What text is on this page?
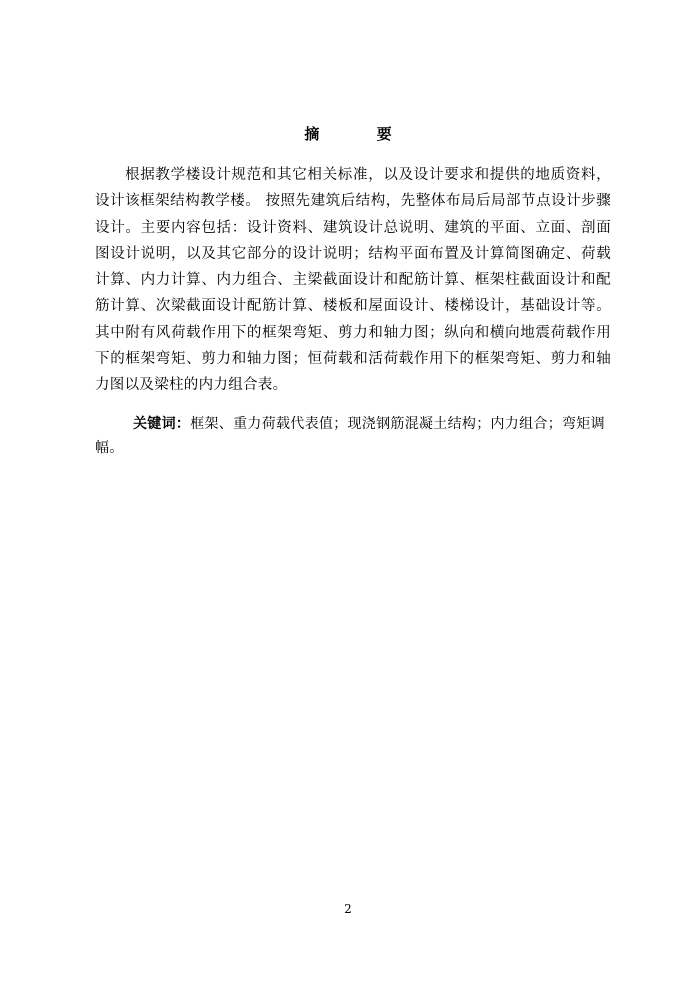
摘 要

根据教学楼设计规范和其它相关标准，以及设计要求和提供的地质资料，设计该框架结构教学楼。 按照先建筑后结构，先整体布局后局部节点设计步骤设计。主要内容包括：设计资料、建筑设计总说明、建筑的平面、立面、剖面图设计说明，以及其它部分的设计说明；结构平面布置及计算简图确定、荷载计算、内力计算、内力组合、主梁截面设计和配筋计算、框架柱截面设计和配筋计算、次梁截面设计配筋计算、楼板和屋面设计、楼梯设计，基础设计等。其中附有风荷载作用下的框架弯矩、剪力和轴力图；纵向和横向地震荷载作用下的框架弯矩、剪力和轴力图；恒荷载和活荷载作用下的框架弯矩、剪力和轴力图以及梁柱的内力组合表。

关键词：框架、重力荷载代表值；现浇钢筋混凝土结构；内力组合；弯矩调幅。

2
